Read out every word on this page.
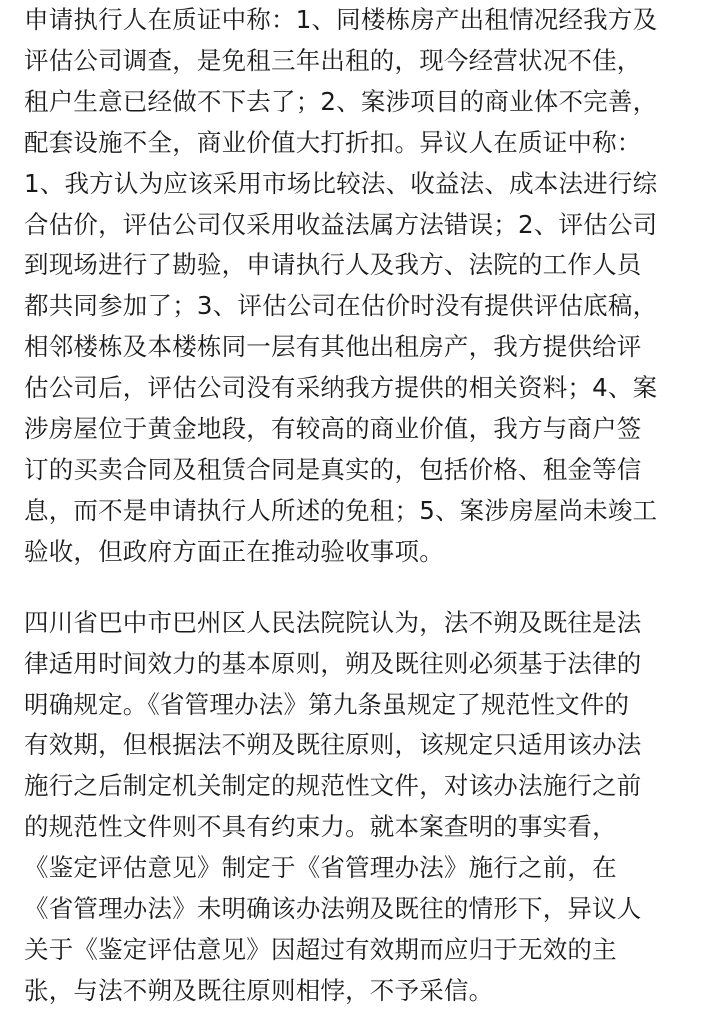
申请执行人在质证中称：1、同楼栋房产出租情况经我方及
评估公司调查，是免租三年出租的，现今经营状况不佳，
租户生意已经做不下去了；2、案涉项目的商业体不完善，
配套设施不全，商业价值大打折扣。异议人在质证中称：
1、我方认为应该采用市场比较法、收益法、成本法进行综
合估价，评估公司仅采用收益法属方法错误；2、评估公司
到现场进行了勘验，申请执行人及我方、法院的工作人员
都共同参加了；3、评估公司在估价时没有提供评估底稿，
相邻楼栋及本楼栋同一层有其他出租房产，我方提供给评
估公司后，评估公司没有采纳我方提供的相关资料；4、案
涉房屋位于黄金地段，有较高的商业价值，我方与商户签
订的买卖合同及租赁合同是真实的，包括价格、租金等信
息，而不是申请执行人所述的免租；5、案涉房屋尚未竣工
验收，但政府方面正在推动验收事项。
四川省巴中市巴州区人民法院院认为，法不朔及既往是法
律适用时间效力的基本原则，朔及既往则必须基于法律的
明确规定。《省管理办法》第九条虽规定了规范性文件的
有效期，但根据法不朔及既往原则，该规定只适用该办法
施行之后制定机关制定的规范性文件，对该办法施行之前
的规范性文件则不具有约束力。就本案查明的事实看，
《鉴定评估意见》制定于《省管理办法》施行之前，在
《省管理办法》未明确该办法朔及既往的情形下，异议人
关于《鉴定评估意见》因超过有效期而应归于无效的主
张，与法不朔及既往原则相悖，不予采信。
